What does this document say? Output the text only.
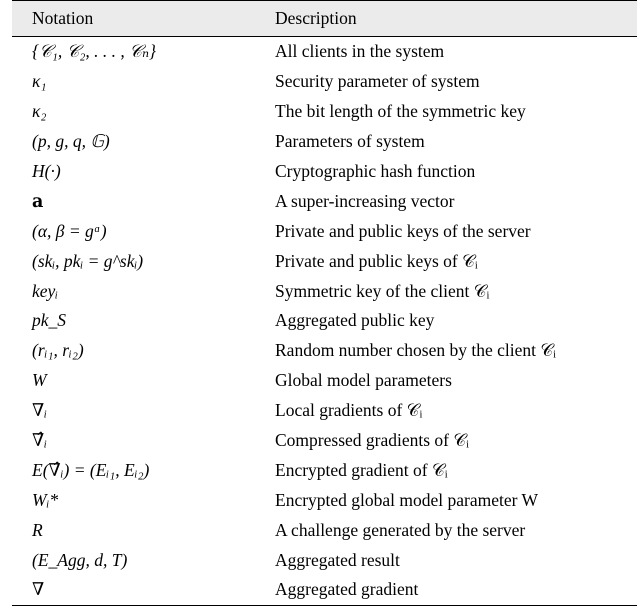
Notation	Description
{𝒞₁, 𝒞₂, . . . , 𝒞ₙ}	All clients in the system
κ₁	Security parameter of system
κ₂	The bit length of the symmetric key
(p, g, q, 𝔾)	Parameters of system
H(·)	Cryptographic hash function
𝐚	A super-increasing vector
(α, β = gᵅ)	Private and public keys of the server
(skᵢ, pkᵢ = g^skᵢ)	Private and public keys of 𝒞ᵢ
keyᵢ	Symmetric key of the client 𝒞ᵢ
pk_S	Aggregated public key
(rᵢ₁, rᵢ₂)	Random number chosen by the client 𝒞ᵢ
W	Global model parameters
∇ᵢ	Local gradients of 𝒞ᵢ
∇̂ᵢ	Compressed gradients of 𝒞ᵢ
E(∇̂ᵢ) = (Eᵢ₁, Eᵢ₂)	Encrypted gradient of 𝒞ᵢ
Wᵢ*	Encrypted global model parameter W
R	A challenge generated by the server
(E_Agg, d, T)	Aggregated result
∇	Aggregated gradient
